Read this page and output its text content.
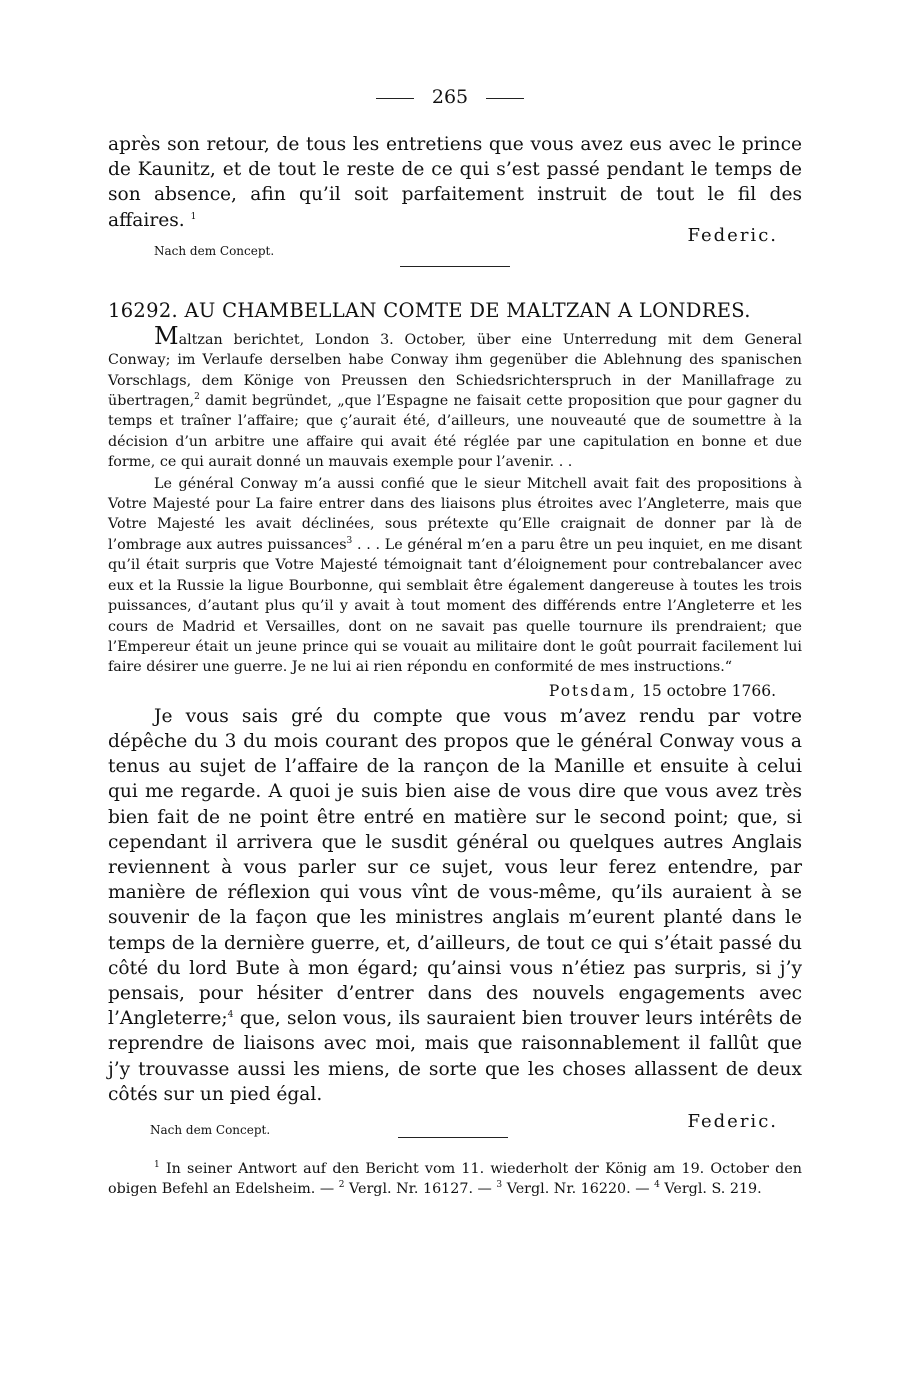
265
après son retour, de tous les entretiens que vous avez eus avec le prince de Kaunitz, et de tout le reste de ce qui s’est passé pendant le temps de son absence, afin qu’il soit parfaitement instruit de tout le fil des affaires. $^1$
Federic.
Nach dem Concept.
16292. AU CHAMBELLAN COMTE DE MALTZAN A LONDRES.
Maltzan berichtet, London 3. October, über eine Unterredung mit dem General Conway; im Verlaufe derselben habe Conway ihm gegenüber die Ablehnung des spanischen Vorschlags, dem Könige von Preussen den Schiedsrichterspruch in der Manillafrage zu übertragen,$^2$ damit begründet, „que l’Espagne ne faisait cette proposition que pour gagner du temps et traîner l’affaire; que ç’aurait été, d’ailleurs, une nouveauté que de soumettre à la décision d’un arbitre une affaire qui avait été réglée par une capitulation en bonne et due forme, ce qui aurait donné un mauvais exemple pour l’avenir. . .
Le général Conway m’a aussi confié que le sieur Mitchell avait fait des propositions à Votre Majesté pour La faire entrer dans des liaisons plus étroites avec l’Angleterre, mais que Votre Majesté les avait déclinées, sous prétexte qu’Elle craignait de donner par là de l’ombrage aux autres puissances$^3$ . . . Le général m’en a paru être un peu inquiet, en me disant qu’il était surpris que Votre Majesté témoignait tant d’éloignement pour contrebalancer avec eux et la Russie la ligue Bourbonne, qui semblait être également dangereuse à toutes les trois puissances, d’autant plus qu’il y avait à tout moment des différends entre l’Angleterre et les cours de Madrid et Versailles, dont on ne savait pas quelle tournure ils prendraient; que l’Empereur était un jeune prince qui se vouait au militaire dont le goût pourrait facilement lui faire désirer une guerre. Je ne lui ai rien répondu en conformité de mes instructions.“
Potsdam, 15 octobre 1766.
Je vous sais gré du compte que vous m’avez rendu par votre dépêche du 3 du mois courant des propos que le général Conway vous a tenus au sujet de l’affaire de la rançon de la Manille et ensuite à celui qui me regarde. A quoi je suis bien aise de vous dire que vous avez très bien fait de ne point être entré en matière sur le second point; que, si cependant il arrivera que le susdit général ou quelques autres Anglais reviennent à vous parler sur ce sujet, vous leur ferez entendre, par manière de réflexion qui vous vînt de vous-même, qu’ils auraient à se souvenir de la façon que les ministres anglais m’eurent planté dans le temps de la dernière guerre, et, d’ailleurs, de tout ce qui s’était passé du côté du lord Bute à mon égard; qu’ainsi vous n’étiez pas surpris, si j’y pensais, pour hésiter d’entrer dans des nouvels engagements avec l’Angleterre;$^4$ que, selon vous, ils sauraient bien trouver leurs intérêts de reprendre de liaisons avec moi, mais que raisonnablement il fallût que j’y trouvasse aussi les miens, de sorte que les choses allassent de deux côtés sur un pied égal.
Nach dem Concept.	Federic.
$^1$ In seiner Antwort auf den Bericht vom 11. wiederholt der König am 19. October den obigen Befehl an Edelsheim. — $^2$ Vergl. Nr. 16127. — $^3$ Vergl. Nr. 16220. — $^4$ Vergl. S. 219.
